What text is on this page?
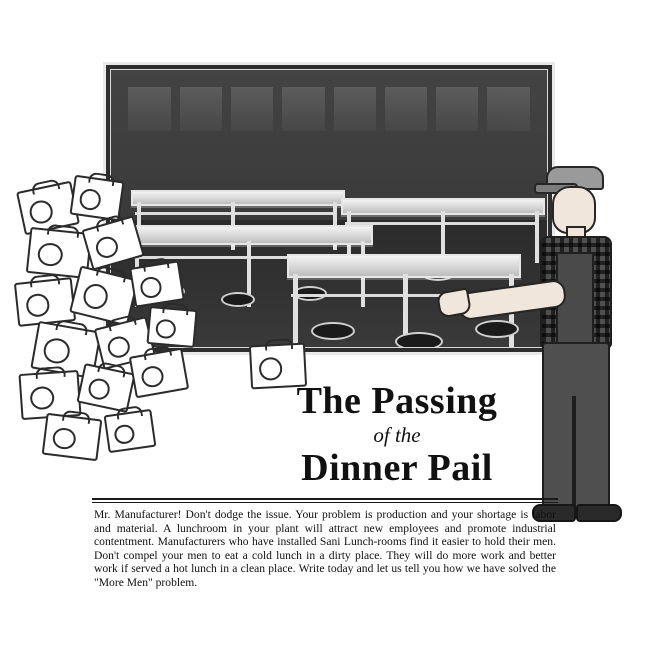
The Passing
of the
Dinner Pail

Mr. Manufacturer! Don't dodge the issue. Your problem is production and your shortage is labor and material. A lunchroom in your plant will attract new employees and promote industrial contentment. Manufacturers who have installed Sani Lunch-rooms find it easier to hold their men. Don't compel your men to eat a cold lunch in a dirty place. They will do more work and better work if served a hot lunch in a clean place. Write today and let us tell you how we have solved the "More Men" problem.
